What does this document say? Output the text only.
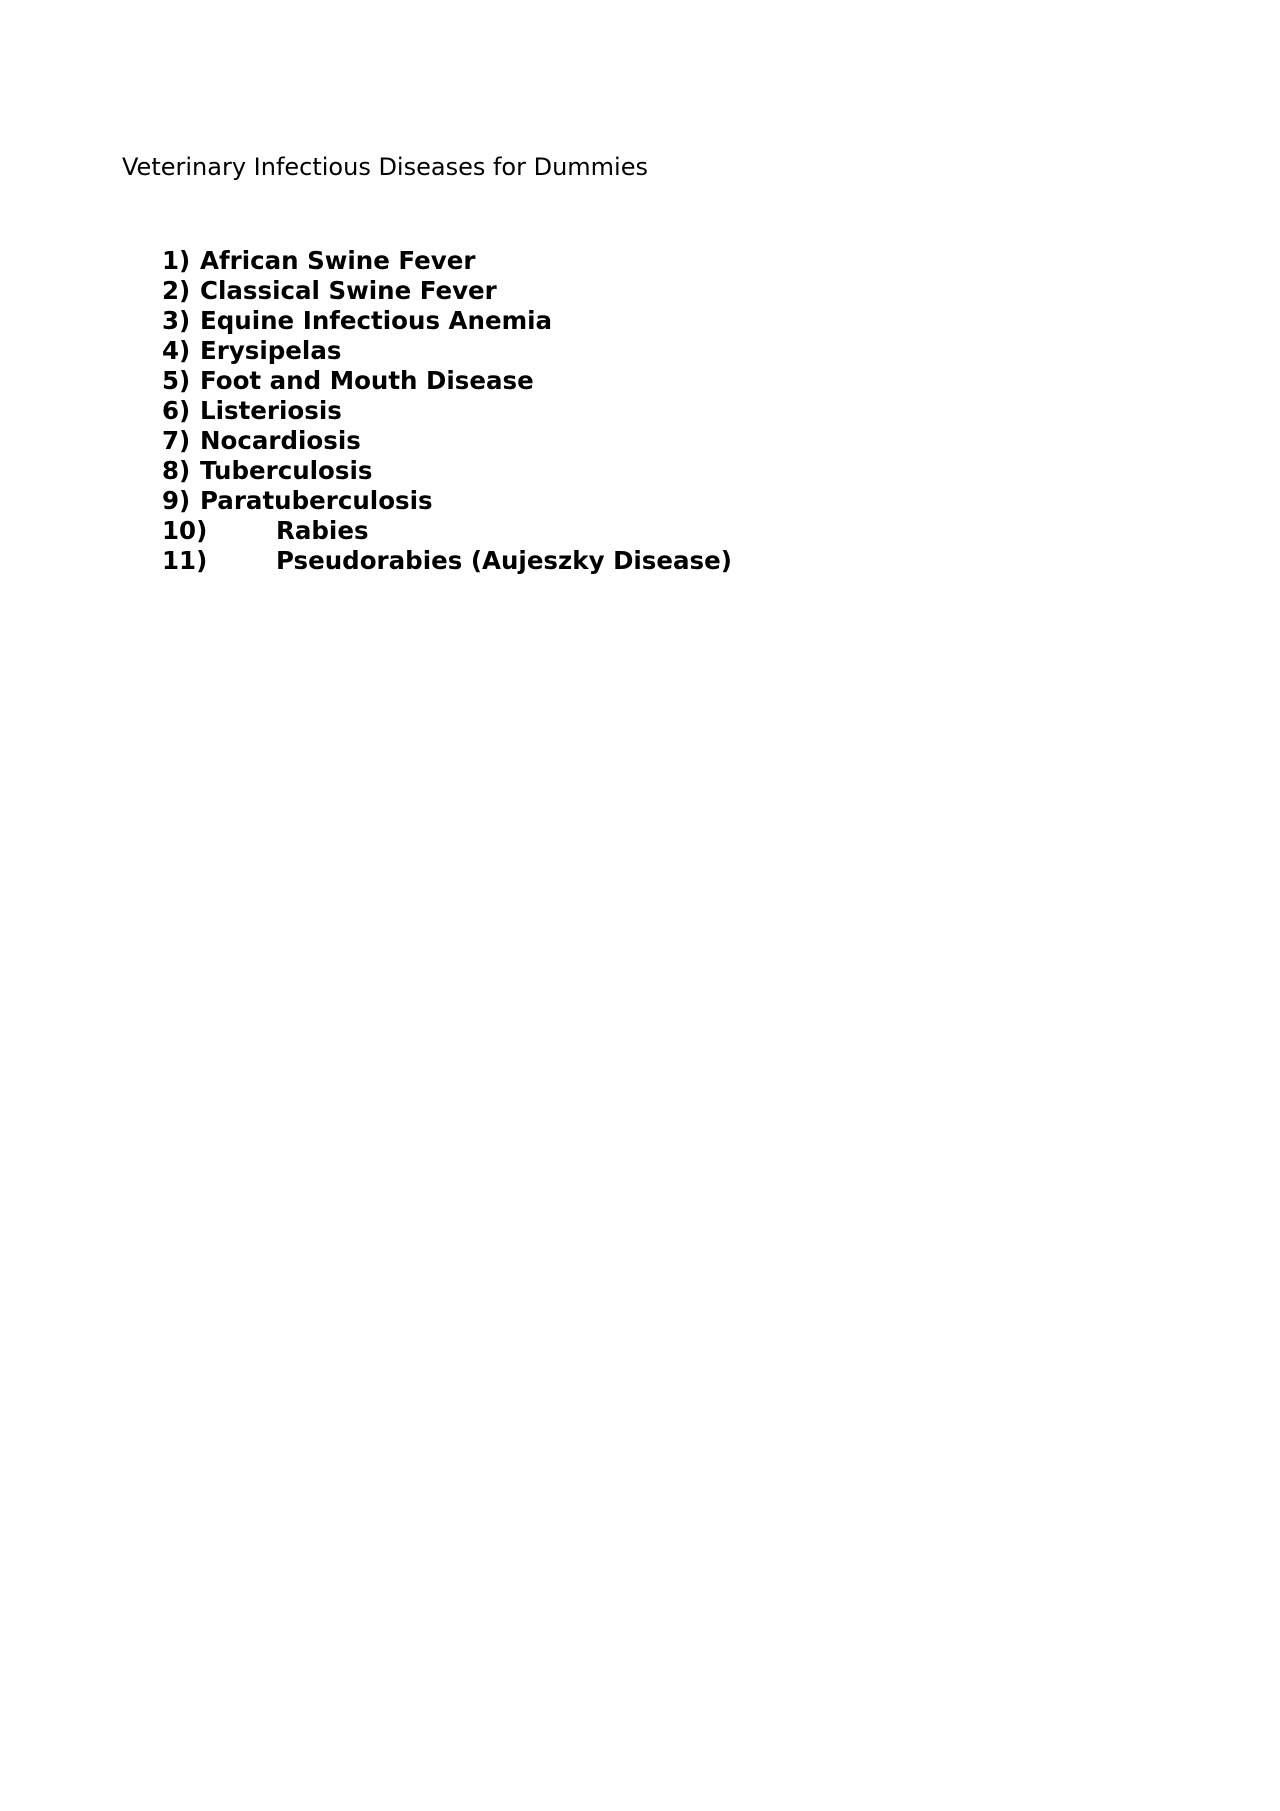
Veterinary Infectious Diseases for Dummies
1) African Swine Fever
2) Classical Swine Fever
3) Equine Infectious Anemia
4) Erysipelas
5) Foot and Mouth Disease
6) Listeriosis
7) Nocardiosis
8) Tuberculosis
9) Paratuberculosis
10)	Rabies
11)	Pseudorabies (Aujeszky Disease)
